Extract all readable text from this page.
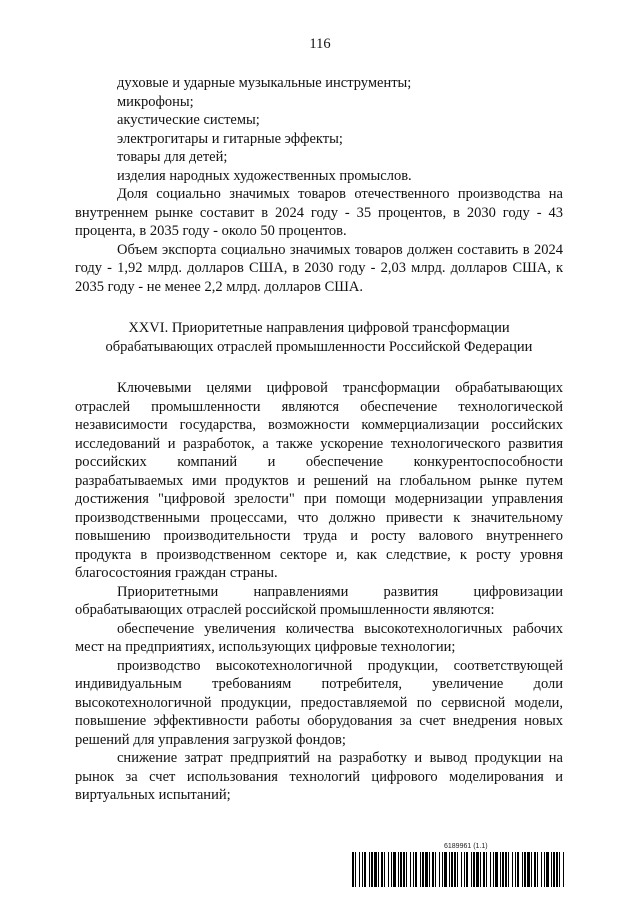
116

духовые и ударные музыкальные инструменты;

микрофоны;

акустические системы;

электрогитары и гитарные эффекты;

товары для детей;

изделия народных художественных промыслов.

Доля социально значимых товаров отечественного производства на внутреннем рынке составит в 2024 году - 35 процентов, в 2030 году - 43 процента, в 2035 году - около 50 процентов.

Объем экспорта социально значимых товаров должен составить в 2024 году - 1,92 млрд. долларов США, в 2030 году - 2,03 млрд. долларов США, к 2035 году - не менее 2,2 млрд. долларов США.

XXVI. Приоритетные направления цифровой трансформации
обрабатывающих отраслей промышленности Российской Федерации

Ключевыми целями цифровой трансформации обрабатывающих отраслей промышленности являются обеспечение технологической независимости государства, возможности коммерциализации российских исследований и разработок, а также ускорение технологического развития российских компаний и обеспечение конкурентоспособности разрабатываемых ими продуктов и решений на глобальном рынке путем достижения "цифровой зрелости" при помощи модернизации управления производственными процессами, что должно привести к значительному повышению производительности труда и росту валового внутреннего продукта в производственном секторе и, как следствие, к росту уровня благосостояния граждан страны.

Приоритетными направлениями развития цифровизации обрабатывающих отраслей российской промышленности являются:

обеспечение увеличения количества высокотехнологичных рабочих мест на предприятиях, использующих цифровые технологии;

производство высокотехнологичной продукции, соответствующей индивидуальным требованиям потребителя, увеличение доли высокотехнологичной продукции, предоставляемой по сервисной модели, повышение эффективности работы оборудования за счет внедрения новых решений для управления загрузкой фондов;

снижение затрат предприятий на разработку и вывод продукции на рынок за счет использования технологий цифрового моделирования и виртуальных испытаний;

6189961 (1.1)
